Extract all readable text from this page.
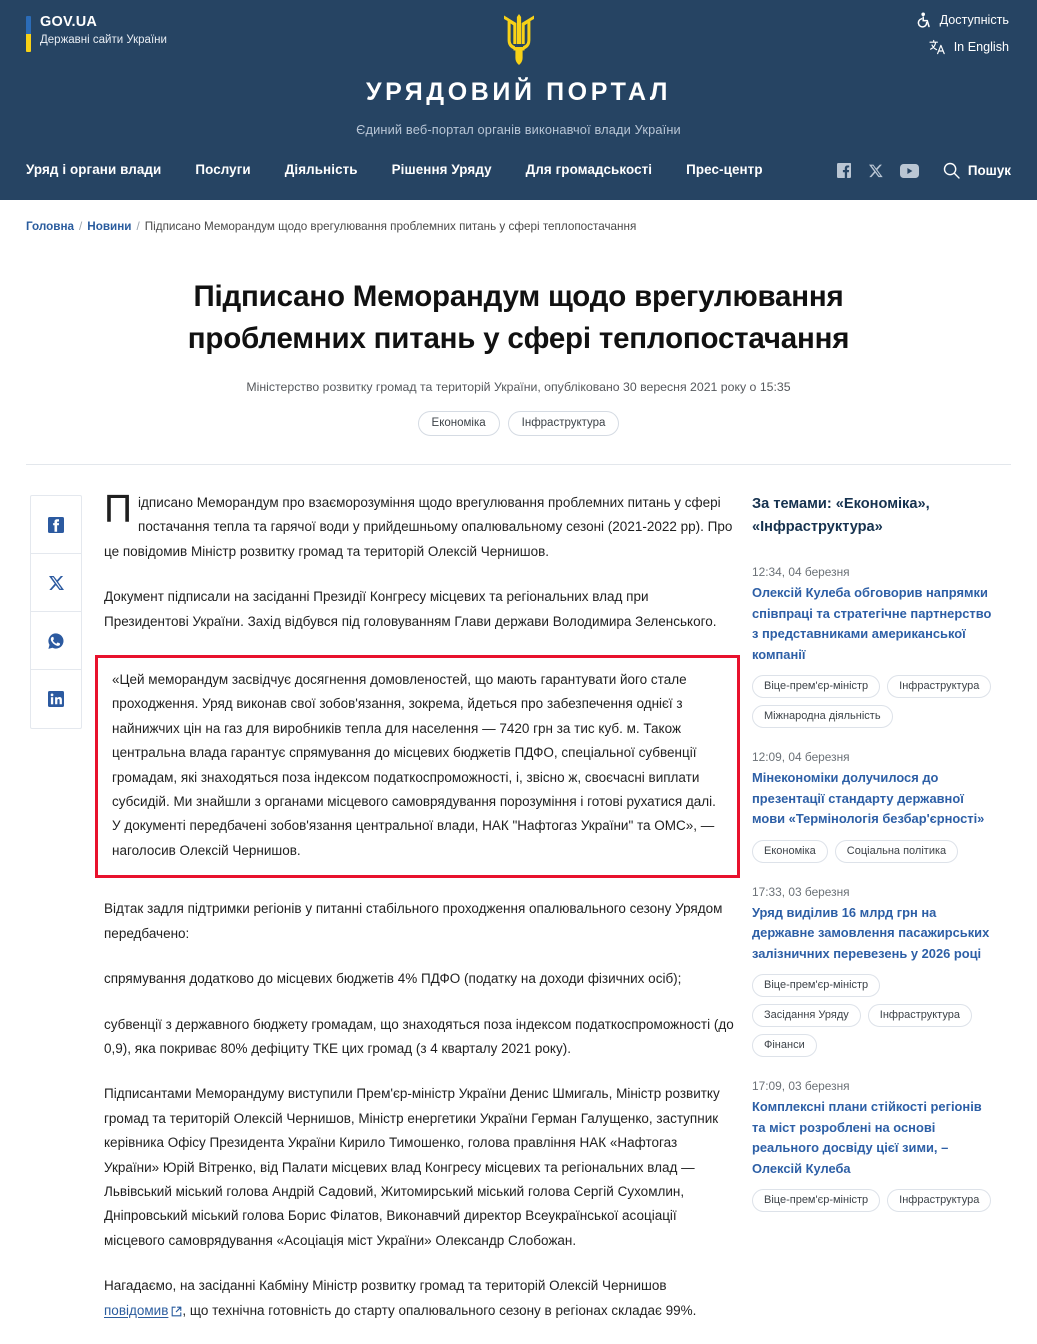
GOV.UA
Державні сайти України
Доступність
In English
УРЯДОВИЙ ПОРТАЛ
Єдиний веб-портал органів виконавчої влади України
Уряд і органи влади	Послуги	Діяльність	Рішення Уряду	Для громадськості	Прес-центр	Пошук
Головна / Новини / Підписано Меморандум щодо врегулювання проблемних питань у сфері теплопостачання
Підписано Меморандум щодо врегулювання проблемних питань у сфері теплопостачання
Міністерство розвитку громад та територій України, опубліковано 30 вересня 2021 року о 15:35
Економіка	Інфраструктура

Підписано Меморандум про взаєморозуміння щодо врегулювання проблемних питань у сфері постачання тепла та гарячої води у прийдешньому опалювальному сезоні (2021-2022 рр). Про це повідомив Міністр розвитку громад та територій Олексій Чернишов.

Документ підписали на засіданні Президії Конгресу місцевих та регіональних влад при Президентові України. Захід відбувся під головуванням Глави держави Володимира Зеленського.

«Цей меморандум засвідчує досягнення домовленостей, що мають гарантувати його стале проходження. Уряд виконав свої зобов'язання, зокрема, йдеться про забезпечення однієї з найнижчих цін на газ для виробників тепла для населення — 7420 грн за тис куб. м. Також центральна влада гарантує спрямування до місцевих бюджетів ПДФО, спеціальної субвенції громадам, які знаходяться поза індексом податкоспроможності, і, звісно ж, своєчасні виплати субсидій. Ми знайшли з органами місцевого самоврядування порозуміння і готові рухатися далі. У документі передбачені зобов'язання центральної влади, НАК "Нафтогаз України" та ОМС», — наголосив Олексій Чернишов.

Відтак задля підтримки регіонів у питанні стабільного проходження опалювального сезону Урядом передбачено:

спрямування додатково до місцевих бюджетів 4% ПДФО (податку на доходи фізичних осіб);

субвенції з державного бюджету громадам, що знаходяться поза індексом податкоспроможності (до 0,9), яка покриває 80% дефіциту ТКЕ цих громад (з 4 кварталу 2021 року).

Підписантами Меморандуму виступили Прем'єр-міністр України Денис Шмигаль, Міністр розвитку громад та територій Олексій Чернишов, Міністр енергетики України Герман Галущенко, заступник керівника Офісу Президента України Кирило Тимошенко, голова правління НАК «Нафтогаз України» Юрій Вітренко, від Палати місцевих влад Конгресу місцевих та регіональних влад — Львівський міський голова Андрій Садовий, Житомирський міський голова Сергій Сухомлин, Дніпровський міський голова Борис Філатов, Виконавчий директор Всеукраїнської асоціації місцевого самоврядування «Асоціація міст України» Олександр Слобожан.

Нагадаємо, на засіданні Кабміну Міністр розвитку громад та територій Олексій Чернишов повідомив , що технічна готовність до старту опалювального сезону в регіонах складає 99%.

За темами: «Економіка», «Інфраструктура»
12:34, 04 березня
Олексій Кулеба обговорив напрямки співпраці та стратегічне партнерство з представниками американської компанії
Віце-прем'єр-міністр	Інфраструктура
Міжнародна діяльність
12:09, 04 березня
Мінекономіки долучилося до презентації стандарту державної мови «Термінологія безбар'єрності»
Економіка	Соціальна політика
17:33, 03 березня
Уряд виділив 16 млрд грн на державне замовлення пасажирських залізничних перевезень у 2026 році
Віце-прем'єр-міністр
Засідання Уряду	Інфраструктура
Фінанси
17:09, 03 березня
Комплексні плани стійкості регіонів та міст розроблені на основі реального досвіду цієї зими, – Олексій Кулеба
Віце-прем'єр-міністр	Інфраструктура
